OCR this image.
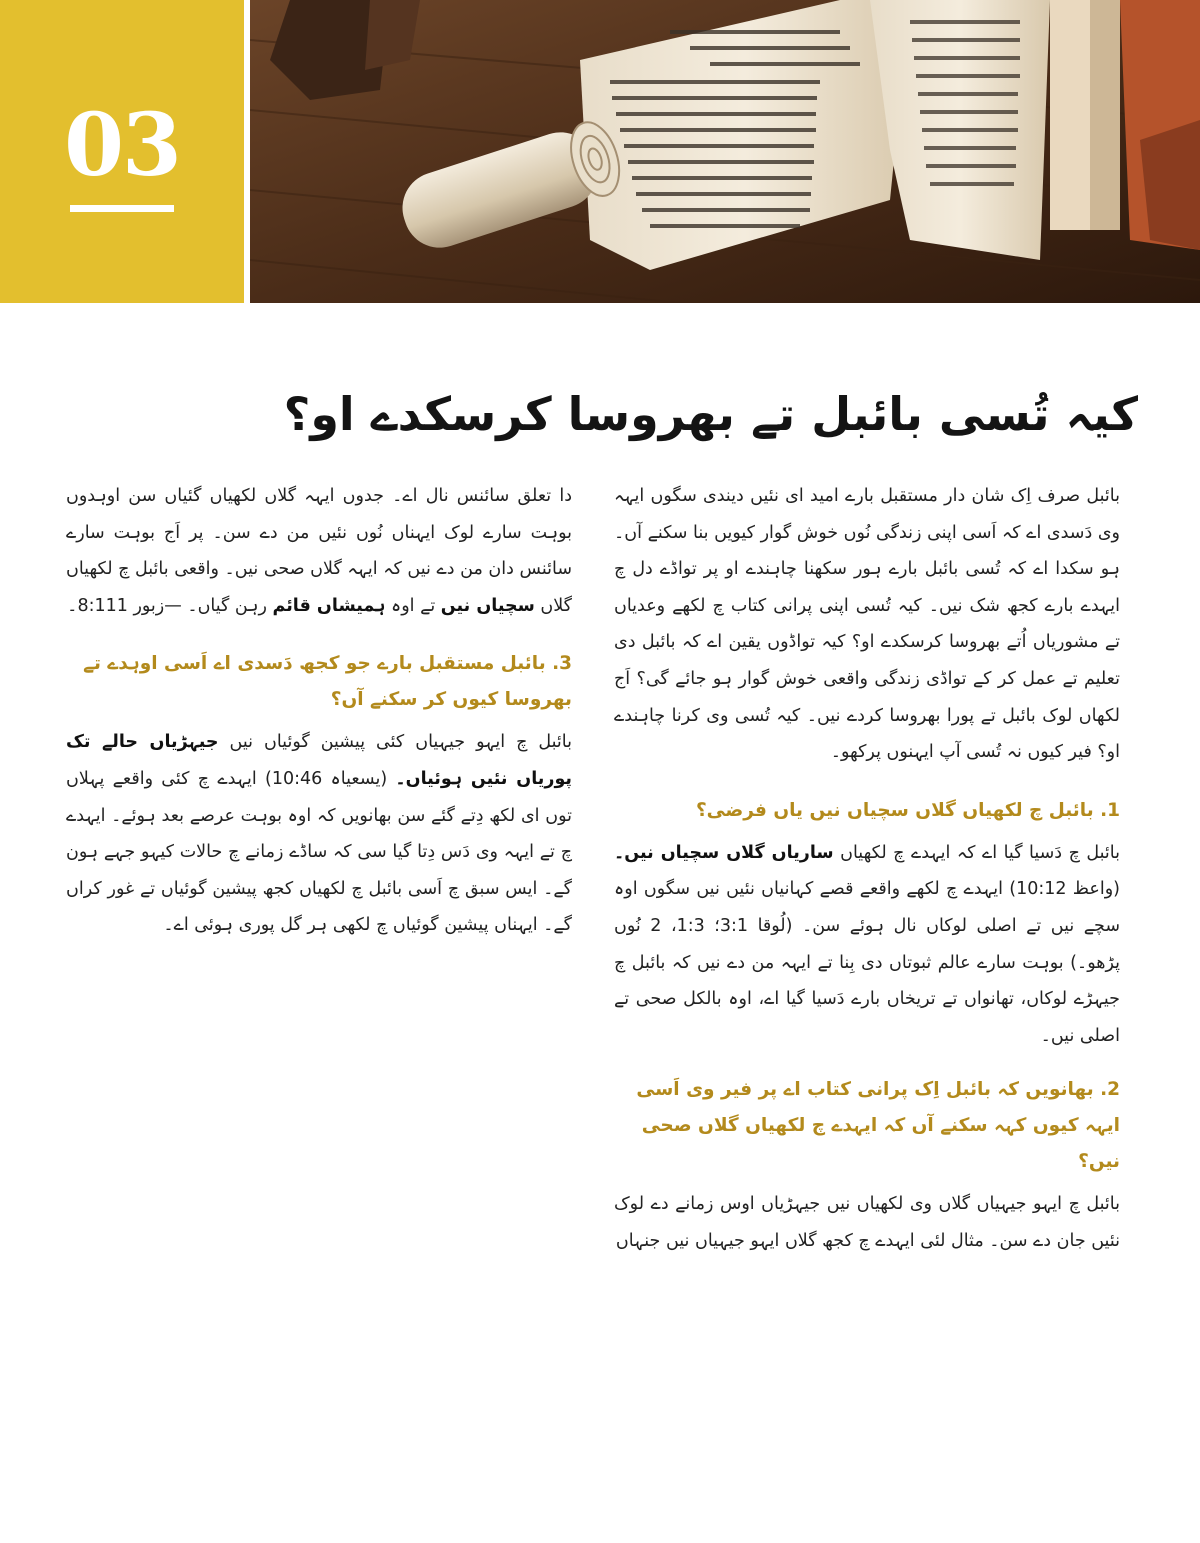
03
کیہ تُسی بائبل تے بھروسا کرسکدے او؟

بائبل صرف اِک شان دار مستقبل بارے امید ای نئیں دیندی سگوں ایہہ وی دَسدی اے کہ اَسی اپنی زندگی نُوں خوش گوار کیویں بنا سکنے آں۔ ہو سکدا اے کہ تُسی بائبل بارے ہور سکھنا چاہندے او پر تواڈے دل چ ایہدے بارے کجھ شک نیں۔ کیہ تُسی اپنی پرانی کتاب چ لکھے وعدیاں تے مشوریاں اُتے بھروسا کرسکدے او؟ کیہ تواڈوں یقین اے کہ بائبل دی تعلیم تے عمل کر کے تواڈی زندگی واقعی خوش گوار ہو جائے گی؟ اَج لکھاں لوک بائبل تے پورا بھروسا کردے نیں۔ کیہ تُسی وی کرنا چاہندے او؟ فیر کیوں نہ تُسی آپ ایہنوں پرکھو۔

1. بائبل چ لکھیاں گلاں سچیاں نیں یاں فرضی؟

بائبل چ دَسیا گیا اے کہ ایہدے چ لکھیاں ساریاں گلاں سچیاں نیں۔ (واعظ 10:12) ایہدے چ لکھے واقعے قصے کہانیاں نئیں نیں سگوں اوہ سچے نیں تے اصلی لوکاں نال ہوئے سن۔ (لُوقا 3:1؛ 1:3، 2 نُوں پڑھو۔) بوہت سارے عالم ثبوتاں دی بِنا تے ایہہ من دے نیں کہ بائبل چ جیہڑے لوکاں، تھانواں تے تریخاں بارے دَسیا گیا اے، اوہ بالکل صحی تے اصلی نیں۔

2. بھانویں کہ بائبل اِک پرانی کتاب اے پر فیر وی اَسی ایہہ کیوں کہہ سکنے آں کہ ایہدے چ لکھیاں گلاں صحی نیں؟

بائبل چ ایہو جیہیاں گلاں وی لکھیاں نیں جیہڑیاں اوس زمانے دے لوک نئیں جان دے سن۔ مثال لئی ایہدے چ کجھ گلاں ایہو جیہیاں نیں جنہاں

دا تعلق سائنس نال اے۔ جدوں ایہہ گلاں لکھیاں گئیاں سن اوہدوں بوہت سارے لوک ایہناں نُوں نئیں من دے سن۔ پر اَج بوہت سارے سائنس دان من دے نیں کہ ایہہ گلاں صحی نیں۔ واقعی بائبل چ لکھیاں گلاں سچیاں نیں تے اوہ ہمیشاں قائم رہن گیاں۔ —زبور 8:111۔

3. بائبل مستقبل بارے جو کجھ دَسدی اے اَسی اوہدے تے بھروسا کیوں کر سکنے آں؟

بائبل چ ایہو جیہیاں کئی پیشین گوئیاں نیں جیہڑیاں حالے تک پوریاں نئیں ہوئیاں۔ (یسعیاہ 10:46) ایہدے چ کئی واقعے پہلاں توں ای لکھ دِتے گئے سن بھانویں کہ اوہ بوہت عرصے بعد ہوئے۔ ایہدے چ تے ایہہ وی دَس دِتا گیا سی کہ ساڈے زمانے چ حالات کیہو جہے ہون گے۔ ایس سبق چ اَسی بائبل چ لکھیاں کجھ پیشین گوئیاں تے غور کراں گے۔ ایہناں پیشین گوئیاں چ لکھی ہر گل پوری ہوئی اے۔
